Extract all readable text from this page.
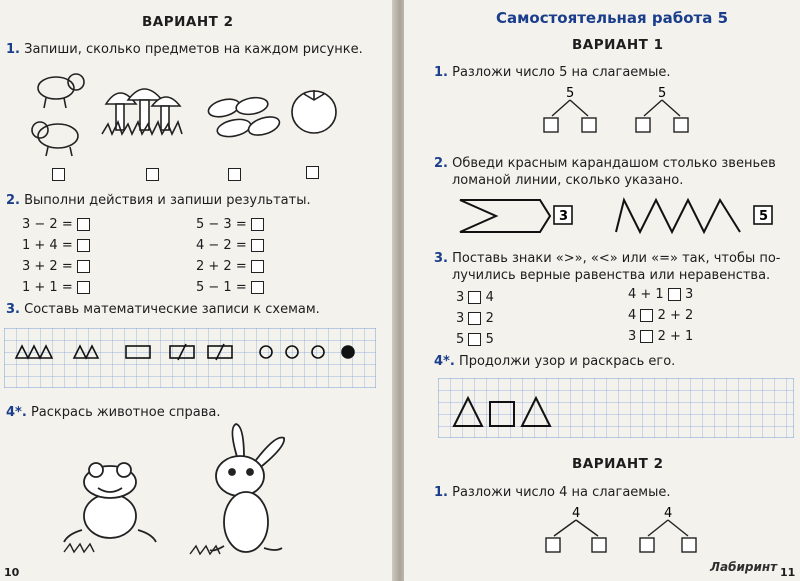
ВАРИАНТ 2
1. Запиши, сколько предметов на каждом рисунке.
2. Выполни действия и запиши результаты.
3 − 2 =
1 + 4 =
3 + 2 =
1 + 1 =
5 − 3 =
4 − 2 =
2 + 2 =
5 − 1 =
3. Составь математические записи к схемам.
4*. Раскрась животное справа.
10
Самостоятельная работа 5
ВАРИАНТ 1
1. Разложи число 5 на слагаемые.
5	5
2. Обведи красным карандашом столько звеньев
ломаной линии, сколько указано.
3	5
3. Поставь знаки «>», «<» или «=» так, чтобы по-
лучились верные равенства или неравенства.
3 4
3 2
5 5
4 + 1 3
4 2 + 2
3 2 + 1
4*. Продолжи узор и раскрась его.
ВАРИАНТ 2
1. Разложи число 4 на слагаемые.
4	4
Лабиринт 11
